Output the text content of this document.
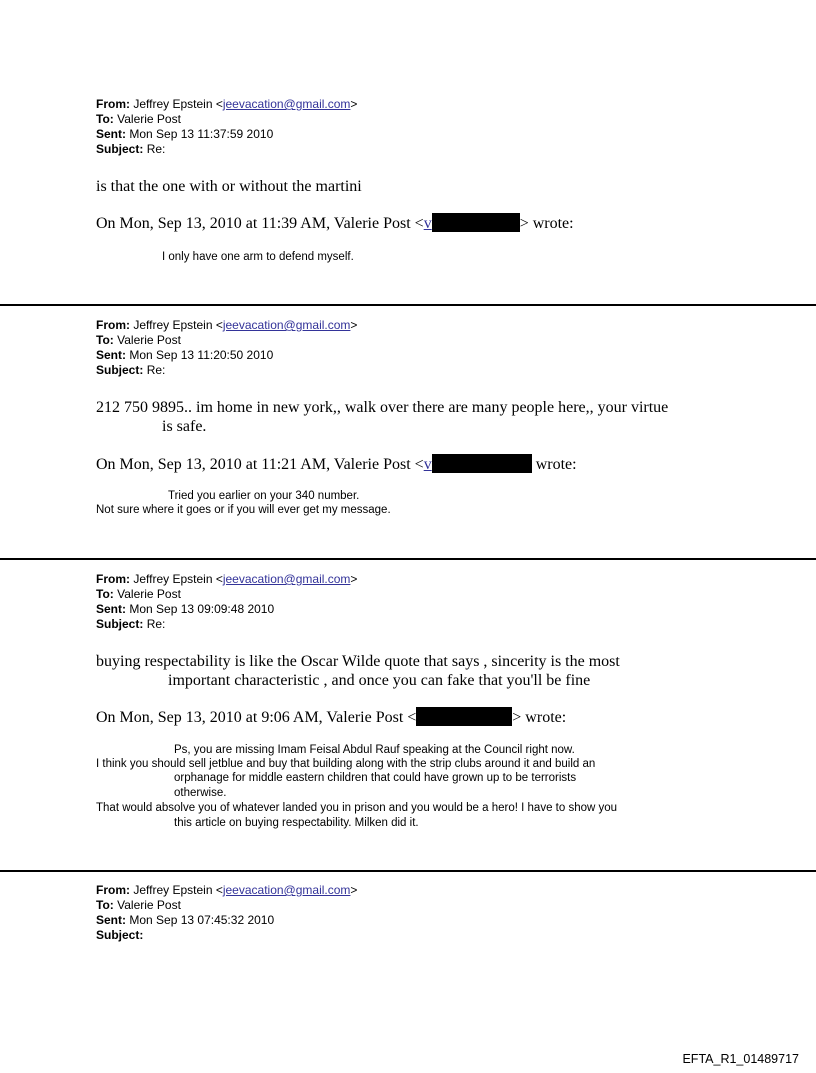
From: Jeffrey Epstein <jeevacation@gmail.com>
To: Valerie Post
Sent: Mon Sep 13 11:37:59 2010
Subject: Re:
is that the one with or without the martini
On Mon, Sep 13, 2010 at 11:39 AM, Valerie Post <v	> wrote:
I only have one arm to defend myself.
From: Jeffrey Epstein <jeevacation@gmail.com>
To: Valerie Post
Sent: Mon Sep 13 11:20:50 2010
Subject: Re:
212 750 9895.. im home in new york,, walk over there are many people here,, your virtue
is safe.
On Mon, Sep 13, 2010 at 11:21 AM, Valerie Post <v	wrote:
Tried you earlier on your 340 number.
Not sure where it goes or if you will ever get my message.
From: Jeffrey Epstein <jeevacation@gmail.com>
To: Valerie Post
Sent: Mon Sep 13 09:09:48 2010
Subject: Re:
buying respectability is like the Oscar Wilde quote that says , sincerity is the most
important characteristic , and once you can fake that you'll be fine
On Mon, Sep 13, 2010 at 9:06 AM, Valerie Post <	> wrote:
Ps, you are missing Imam Feisal Abdul Rauf speaking at the Council right now.
I think you should sell jetblue and buy that building along with the strip clubs around it and build an
orphanage for middle eastern children that could have grown up to be terrorists
otherwise.
That would absolve you of whatever landed you in prison and you would be a hero! I have to show you
this article on buying respectability. Milken did it.
From: Jeffrey Epstein <jeevacation@gmail.com>
To: Valerie Post
Sent: Mon Sep 13 07:45:32 2010
Subject:
EFTA_R1_01489717
